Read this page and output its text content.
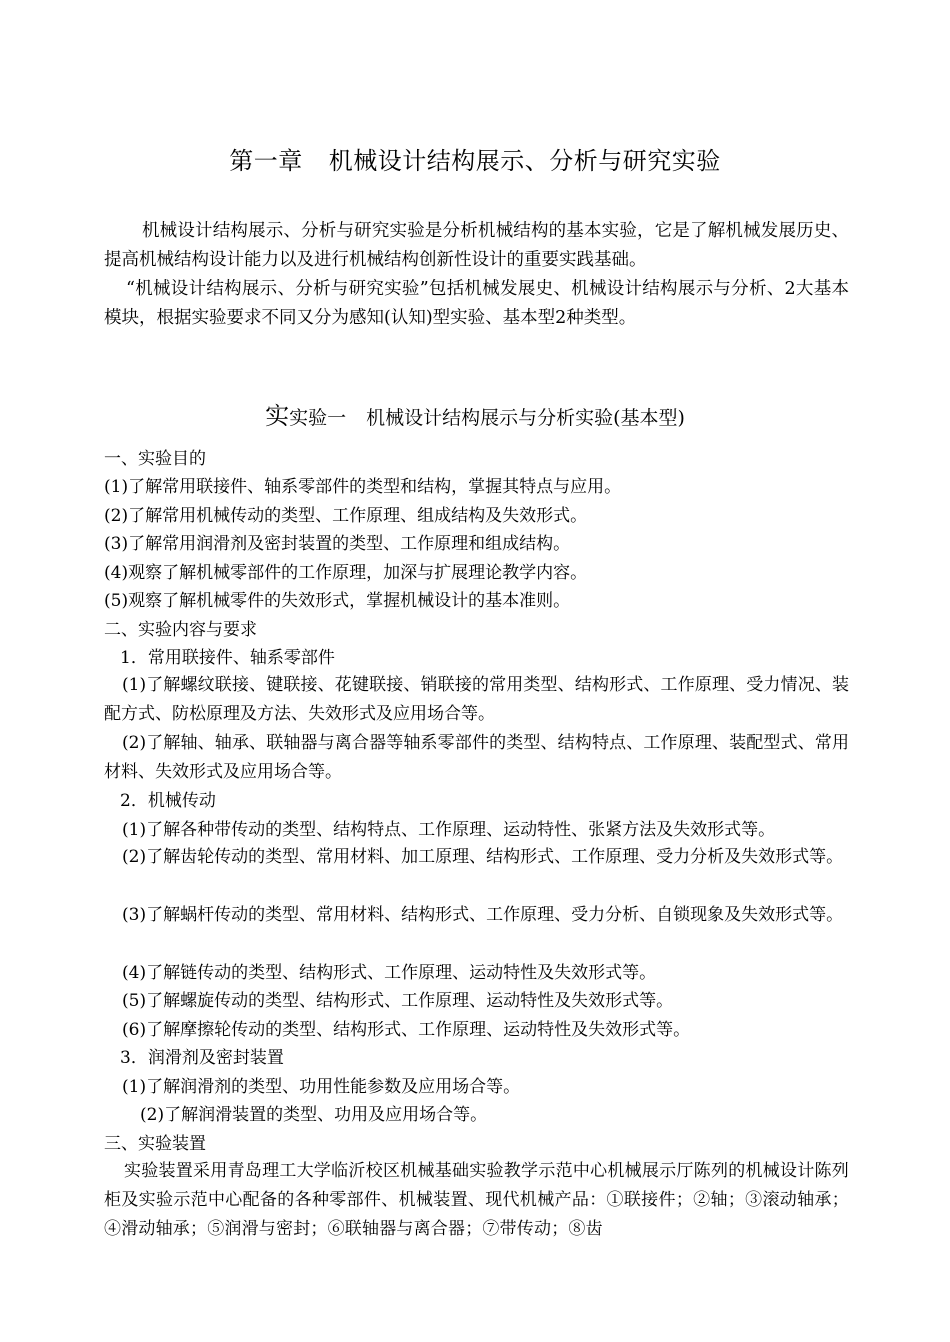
第一章 机械设计结构展示、分析与研究实验
机械设计结构展示、分析与研究实验是分析机械结构的基本实验，它是了解机械发展历史、提高机械结构设计能力以及进行机械结构创新性设计的重要实践基础。
“机械设计结构展示、分析与研究实验”包括机械发展史、机械设计结构展示与分析、2大基本模块，根据实验要求不同又分为感知(认知)型实验、基本型2种类型。
实实验一 机械设计结构展示与分析实验(基本型)
一、实验目的
(1)了解常用联接件、轴系零部件的类型和结构，掌握其特点与应用。
(2)了解常用机械传动的类型、工作原理、组成结构及失效形式。
(3)了解常用润滑剂及密封装置的类型、工作原理和组成结构。
(4)观察了解机械零部件的工作原理，加深与扩展理论教学内容。
(5)观察了解机械零件的失效形式，掌握机械设计的基本准则。
二、实验内容与要求
1．常用联接件、轴系零部件
(1)了解螺纹联接、键联接、花键联接、销联接的常用类型、结构形式、工作原理、受力情况、装配方式、防松原理及方法、失效形式及应用场合等。
(2)了解轴、轴承、联轴器与离合器等轴系零部件的类型、结构特点、工作原理、装配型式、常用材料、失效形式及应用场合等。
2．机械传动
(1)了解各种带传动的类型、结构特点、工作原理、运动特性、张紧方法及失效形式等。
(2)了解齿轮传动的类型、常用材料、加工原理、结构形式、工作原理、受力分析及失效形式等。
(3)了解蜗杆传动的类型、常用材料、结构形式、工作原理、受力分析、自锁现象及失效形式等。
(4)了解链传动的类型、结构形式、工作原理、运动特性及失效形式等。
(5)了解螺旋传动的类型、结构形式、工作原理、运动特性及失效形式等。
(6)了解摩擦轮传动的类型、结构形式、工作原理、运动特性及失效形式等。
3．润滑剂及密封装置
(1)了解润滑剂的类型、功用性能参数及应用场合等。
(2)了解润滑装置的类型、功用及应用场合等。
三、实验装置
实验装置采用青岛理工大学临沂校区机械基础实验教学示范中心机械展示厅陈列的机械设计陈列柜及实验示范中心配备的各种零部件、机械装置、现代机械产品：①联接件；②轴；③滚动轴承；④滑动轴承；⑤润滑与密封；⑥联轴器与离合器；⑦带传动；⑧齿
